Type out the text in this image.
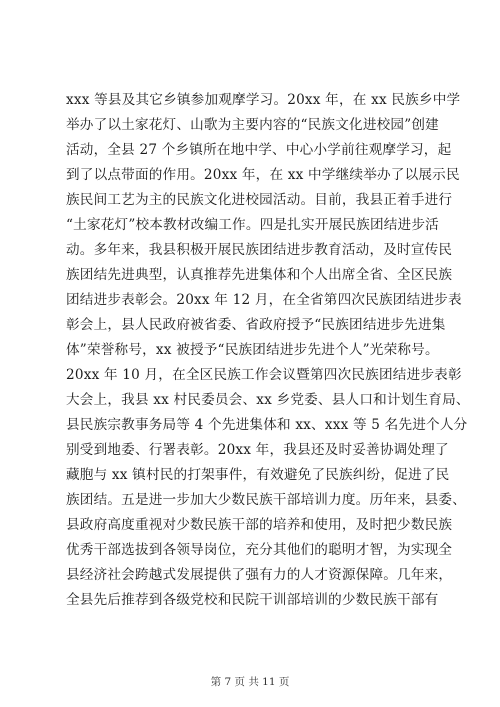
xxx 等县及其它乡镇参加观摩学习。20xx 年，在 xx 民族乡中学
举办了以土家花灯、山歌为主要内容的“民族文化进校园”创建
活动，全县 27 个乡镇所在地中学、中心小学前往观摩学习，起
到了以点带面的作用。20xx 年，在 xx 中学继续举办了以展示民
族民间工艺为主的民族文化进校园活动。目前，我县正着手进行
“土家花灯”校本教材改编工作。四是扎实开展民族团结进步活
动。多年来，我县积极开展民族团结进步教育活动，及时宣传民
族团结先进典型，认真推荐先进集体和个人出席全省、全区民族
团结进步表彰会。20xx 年 12 月，在全省第四次民族团结进步表
彰会上，县人民政府被省委、省政府授予“民族团结进步先进集
体”荣誉称号，xx 被授予“民族团结进步先进个人”光荣称号。
20xx 年 10 月，在全区民族工作会议暨第四次民族团结进步表彰
大会上，我县 xx 村民委员会、xx 乡党委、县人口和计划生育局、
县民族宗教事务局等 4 个先进集体和 xx、xxx 等 5 名先进个人分
别受到地委、行署表彰。20xx 年，我县还及时妥善协调处理了
藏胞与 xx 镇村民的打架事件，有效避免了民族纠纷，促进了民
族团结。五是进一步加大少数民族干部培训力度。历年来，县委、
县政府高度重视对少数民族干部的培养和使用，及时把少数民族
优秀干部选拔到各领导岗位，充分其他们的聪明才智，为实现全
县经济社会跨越式发展提供了强有力的人才资源保障。几年来，
全县先后推荐到各级党校和民院干训部培训的少数民族干部有
第 7 页 共 11 页
